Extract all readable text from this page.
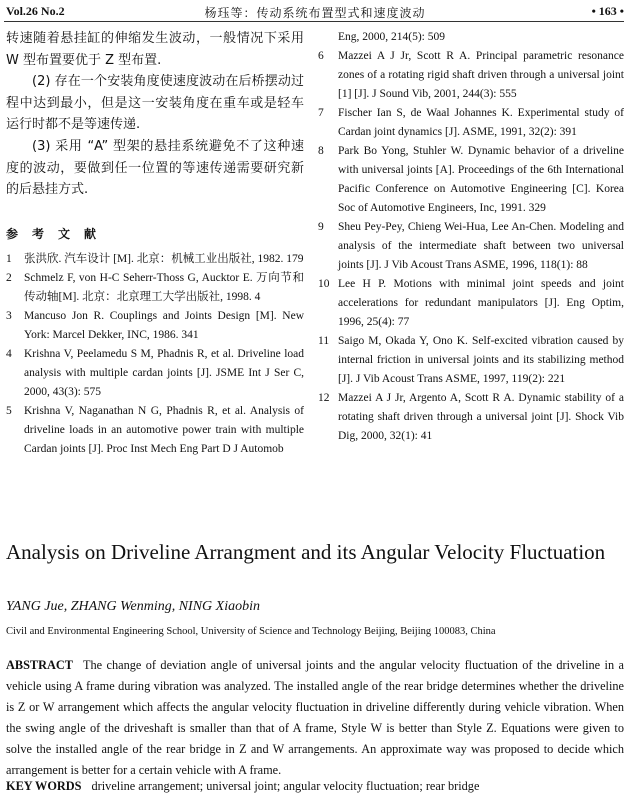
Vol.26 No.2	杨珏等：传动系统布置型式和速度波动	• 163 •

转速随着悬挂缸的伸缩发生波动，一般情况下采用 W 型布置要优于 Z 型布置.

(2) 存在一个安装角度使速度波动在后桥摆动过程中达到最小，但是这一安装角度在重车或是轻车运行时都不是等速传递.

(3) 采用 “A” 型架的悬挂系统避免不了这种速度的波动，要做到任一位置的等速传递需要研究新的后悬挂方式.

参考文献

1	张洪欣. 汽车设计 [M]. 北京：机械工业出版社, 1982. 179

2	Schmelz F, von H-C Seherr-Thoss G, Aucktor E. 万向节和传动轴[M]. 北京：北京理工大学出版社, 1998. 4

3	Mancuso Jon R. Couplings and Joints Design [M]. New York: Marcel Dekker, INC, 1986. 341

4	Krishna V, Peelamedu S M, Phadnis R, et al. Driveline load analysis with multiple cardan joints [J]. JSME Int J Ser C, 2000, 43(3): 575

5	Krishna V, Naganathan N G, Phadnis R, et al. Analysis of driveline loads in an automotive power train with multiple Cardan joints [J]. Proc Inst Mech Eng Part D J Automob

Eng, 2000, 214(5): 509

6	Mazzei A J Jr, Scott R A. Principal parametric resonance zones of a rotating rigid shaft driven through a universal joint [1] [J]. J Sound Vib, 2001, 244(3): 555

7	Fischer Ian S, de Waal Johannes K. Experimental study of Cardan joint dynamics [J]. ASME, 1991, 32(2): 391

8	Park Bo Yong, Stuhler W. Dynamic behavior of a driveline with universal joints [A]. Proceedings of the 6th International Pacific Conference on Automotive Engineering [C]. Korea Soc of Automotive Engineers, Inc, 1991. 329

9	Sheu Pey-Pey, Chieng Wei-Hua, Lee An-Chen. Modeling and analysis of the intermediate shaft between two universal joints [J]. J Vib Acoust Trans ASME, 1996, 118(1): 88

10 Lee H P. Motions with minimal joint speeds and joint accelerations for redundant manipulators [J]. Eng Optim, 1996, 25(4): 77

11 Saigo M, Okada Y, Ono K. Self-excited vibration caused by internal friction in universal joints and its stabilizing method [J]. J Vib Acoust Trans ASME, 1997, 119(2): 221

12 Mazzei A J Jr, Argento A, Scott R A. Dynamic stability of a rotating shaft driven through a universal joint [J]. Shock Vib Dig, 2000, 32(1): 41

Analysis on Driveline Arrangment and its Angular Velocity Fluctuation
YANG Jue, ZHANG Wenming, NING Xiaobin
Civil and Environmental Engineering School, University of Science and Technology Beijing, Beijing 100083, China
ABSTRACT The change of deviation angle of universal joints and the angular velocity fluctuation of the driveline in a vehicle using A frame during vibration was analyzed. The installed angle of the rear bridge determines whether the driveline is Z or W arrangement which affects the angular velocity fluctuation in driveline differently during vehicle vibration. When the swing angle of the driveshaft is smaller than that of A frame, Style W is better than Style Z. Equations were given to solve the installed angle of the rear bridge in Z and W arrangements. An approximate way was proposed to decide which arrangement is better for a certain vehicle with A frame.
KEY WORDS driveline arrangement; universal joint; angular velocity fluctuation; rear bridge
